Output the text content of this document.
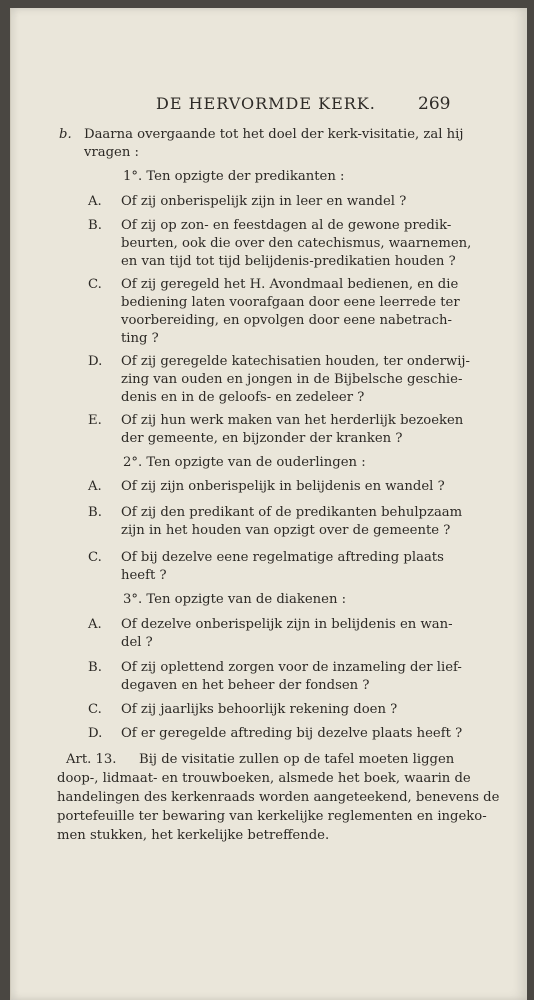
DE HERVORMDE KERK. 269
b. Daarna overgaande tot het doel der kerk-visitatie, zal hij
vragen :
1°. Ten opzigte der predikanten :
A. Of zij onberispelijk zijn in leer en wandel ?
B. Of zij op zon- en feestdagen al de gewone predik-
beurten, ook die over den catechismus, waarnemen,
en van tijd tot tijd belijdenis-predikatien houden ?
C. Of zij geregeld het H. Avondmaal bedienen, en die
bediening laten voorafgaan door eene leerrede ter
voorbereiding, en opvolgen door eene nabetrach-
ting ?
D. Of zij geregelde katechisatien houden, ter onderwij-
zing van ouden en jongen in de Bijbelsche geschie-
denis en in de geloofs- en zedeleer ?
E. Of zij hun werk maken van het herderlijk bezoeken
der gemeente, en bijzonder der kranken ?
2°. Ten opzigte van de ouderlingen :
A. Of zij zijn onberispelijk in belijdenis en wandel ?
B. Of zij den predikant of de predikanten behulpzaam
zijn in het houden van opzigt over de gemeente ?
C. Of bij dezelve eene regelmatige aftreding plaats
heeft ?
3°. Ten opzigte van de diakenen :
A. Of dezelve onberispelijk zijn in belijdenis en wan-
del ?
B. Of zij oplettend zorgen voor de inzameling der lief-
degaven en het beheer der fondsen ?
C. Of zij jaarlijks behoorlijk rekening doen ?
D. Of er geregelde aftreding bij dezelve plaats heeft ?
Art. 13. Bij de visitatie zullen op de tafel moeten liggen
doop-, lidmaat- en trouwboeken, alsmede het boek, waarin de
handelingen des kerkenraads worden aangeteekend, benevens de
portefeuille ter bewaring van kerkelijke reglementen en ingeko-
men stukken, het kerkelijke betreffende.
